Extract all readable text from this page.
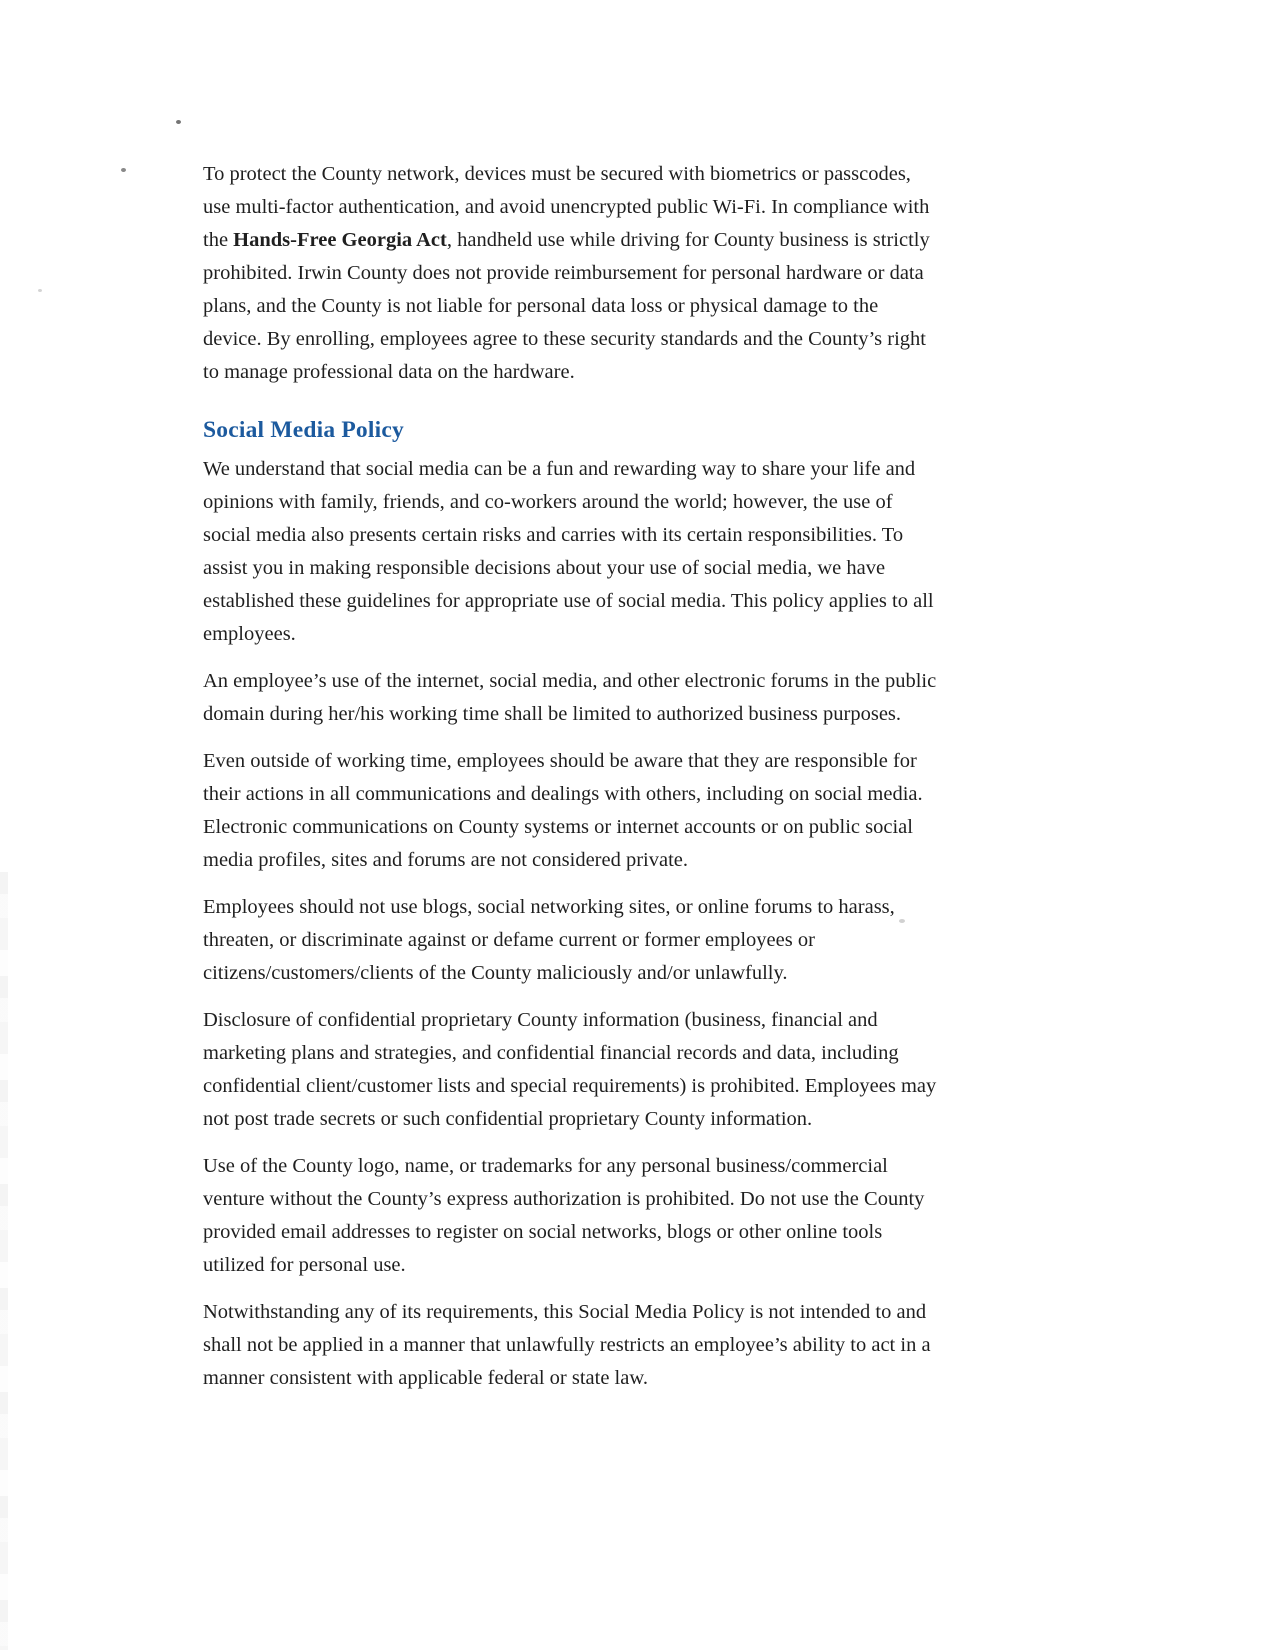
To protect the County network, devices must be secured with biometrics or passcodes,
use multi-factor authentication, and avoid unencrypted public Wi-Fi. In compliance with
the Hands-Free Georgia Act, handheld use while driving for County business is strictly
prohibited. Irwin County does not provide reimbursement for personal hardware or data
plans, and the County is not liable for personal data loss or physical damage to the
device. By enrolling, employees agree to these security standards and the County’s right
to manage professional data on the hardware.

Social Media Policy

We understand that social media can be a fun and rewarding way to share your life and
opinions with family, friends, and co-workers around the world; however, the use of
social media also presents certain risks and carries with its certain responsibilities. To
assist you in making responsible decisions about your use of social media, we have
established these guidelines for appropriate use of social media. This policy applies to all
employees.

An employee’s use of the internet, social media, and other electronic forums in the public
domain during her/his working time shall be limited to authorized business purposes.

Even outside of working time, employees should be aware that they are responsible for
their actions in all communications and dealings with others, including on social media.
Electronic communications on County systems or internet accounts or on public social
media profiles, sites and forums are not considered private.

Employees should not use blogs, social networking sites, or online forums to harass,
threaten, or discriminate against or defame current or former employees or
citizens/customers/clients of the County maliciously and/or unlawfully.

Disclosure of confidential proprietary County information (business, financial and
marketing plans and strategies, and confidential financial records and data, including
confidential client/customer lists and special requirements) is prohibited. Employees may
not post trade secrets or such confidential proprietary County information.

Use of the County logo, name, or trademarks for any personal business/commercial
venture without the County’s express authorization is prohibited. Do not use the County
provided email addresses to register on social networks, blogs or other online tools
utilized for personal use.

Notwithstanding any of its requirements, this Social Media Policy is not intended to and
shall not be applied in a manner that unlawfully restricts an employee’s ability to act in a
manner consistent with applicable federal or state law.
